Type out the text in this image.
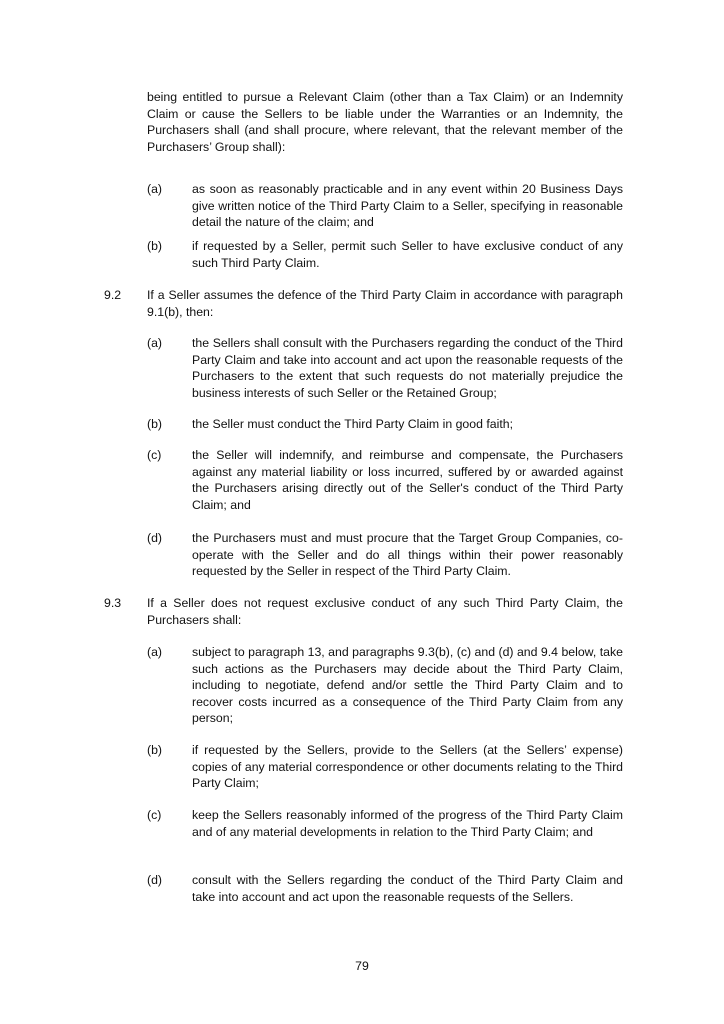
being entitled to pursue a Relevant Claim (other than a Tax Claim) or an Indemnity Claim or cause the Sellers to be liable under the Warranties or an Indemnity, the Purchasers shall (and shall procure, where relevant, that the relevant member of the Purchasers’ Group shall):

(a) as soon as reasonably practicable and in any event within 20 Business Days give written notice of the Third Party Claim to a Seller, specifying in reasonable detail the nature of the claim; and

(b) if requested by a Seller, permit such Seller to have exclusive conduct of any such Third Party Claim.

9.2 If a Seller assumes the defence of the Third Party Claim in accordance with paragraph 9.1(b), then:

(a) the Sellers shall consult with the Purchasers regarding the conduct of the Third Party Claim and take into account and act upon the reasonable requests of the Purchasers to the extent that such requests do not materially prejudice the business interests of such Seller or the Retained Group;

(b) the Seller must conduct the Third Party Claim in good faith;

(c) the Seller will indemnify, and reimburse and compensate, the Purchasers against any material liability or loss incurred, suffered by or awarded against the Purchasers arising directly out of the Seller's conduct of the Third Party Claim; and

(d) the Purchasers must and must procure that the Target Group Companies, co-operate with the Seller and do all things within their power reasonably requested by the Seller in respect of the Third Party Claim.

9.3 If a Seller does not request exclusive conduct of any such Third Party Claim, the Purchasers shall:

(a) subject to paragraph 13, and paragraphs 9.3(b), (c) and (d) and 9.4 below, take such actions as the Purchasers may decide about the Third Party Claim, including to negotiate, defend and/or settle the Third Party Claim and to recover costs incurred as a consequence of the Third Party Claim from any person;

(b) if requested by the Sellers, provide to the Sellers (at the Sellers’ expense) copies of any material correspondence or other documents relating to the Third Party Claim;

(c) keep the Sellers reasonably informed of the progress of the Third Party Claim and of any material developments in relation to the Third Party Claim; and

(d) consult with the Sellers regarding the conduct of the Third Party Claim and take into account and act upon the reasonable requests of the Sellers.

79
